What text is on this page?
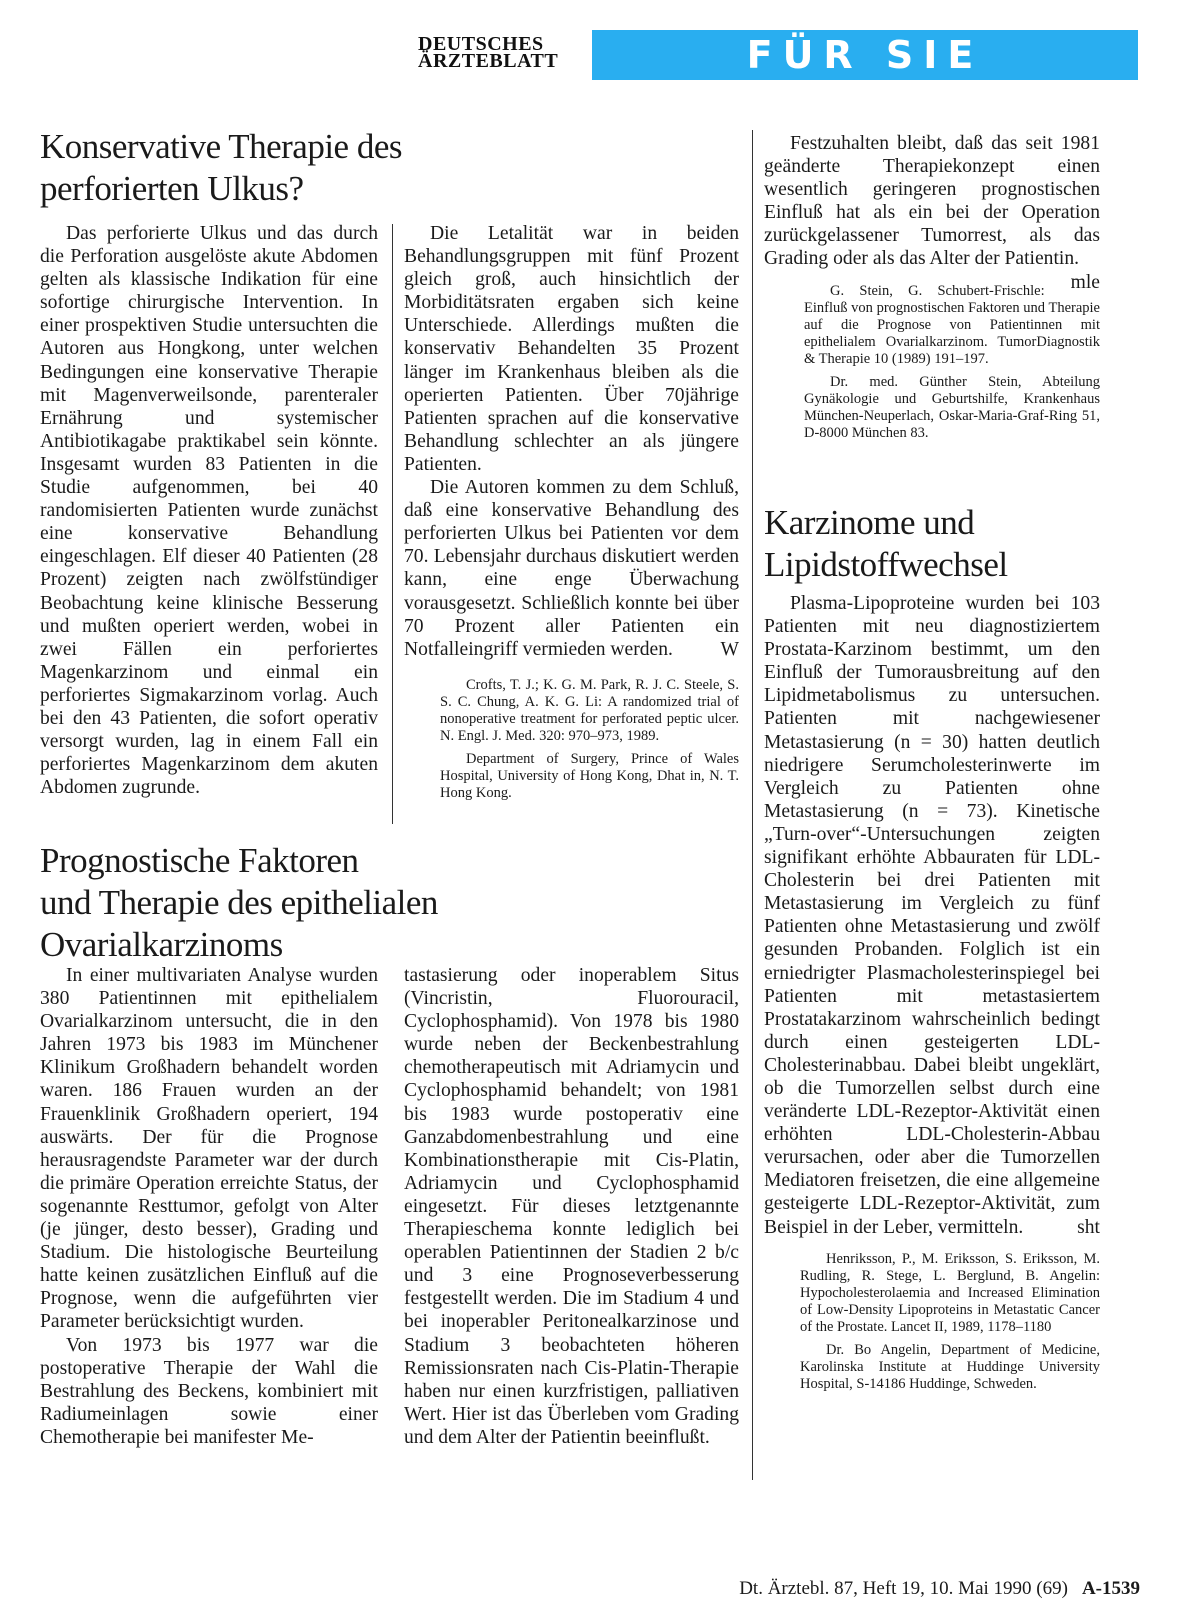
DEUTSCHES
ÄRZTEBLATT	FÜR SIE REFERIERT
Konservative Therapie des
perforierten Ulkus?

Das perforierte Ulkus und das durch die Perforation ausgelöste akute Abdomen gelten als klassische Indikation für eine sofortige chirurgische Intervention. In einer prospektiven Studie untersuchten die Autoren aus Hongkong, unter welchen Bedingungen eine konservative Therapie mit Magenverweilsonde, parenteraler Ernährung und systemischer Antibiotikagabe praktikabel sein könnte. Insgesamt wurden 83 Patienten in die Studie aufgenommen, bei 40 randomisierten Patienten wurde zunächst eine konservative Behandlung eingeschlagen. Elf dieser 40 Patienten (28 Prozent) zeigten nach zwölfstündiger Beobachtung keine klinische Besserung und mußten operiert werden, wobei in zwei Fällen ein perforiertes Magenkarzinom und einmal ein perforiertes Sigmakarzinom vorlag. Auch bei den 43 Patienten, die sofort operativ versorgt wurden, lag in einem Fall ein perforiertes Magenkarzinom dem akuten Abdomen zugrunde.

Die Letalität war in beiden Behandlungsgruppen mit fünf Prozent gleich groß, auch hinsichtlich der Morbiditätsraten ergaben sich keine Unterschiede. Allerdings mußten die konservativ Behandelten 35 Prozent länger im Krankenhaus bleiben als die operierten Patienten. Über 70jährige Patienten sprachen auf die konservative Behandlung schlechter an als jüngere Patienten.

Die Autoren kommen zu dem Schluß, daß eine konservative Behandlung des perforierten Ulkus bei Patienten vor dem 70. Lebensjahr durchaus diskutiert werden kann, eine enge Überwachung vorausgesetzt. Schließlich konnte bei über 70 Prozent aller Patienten ein Notfalleingriff vermieden werden.	W

Crofts, T. J.; K. G. M. Park, R. J. C. Steele, S. S. C. Chung, A. K. G. Li: A randomized trial of nonoperative treatment for perforated peptic ulcer. N. Engl. J. Med. 320: 970–973, 1989.

Department of Surgery, Prince of Wales Hospital, University of Hong Kong, Dhat in, N. T. Hong Kong.

Prognostische Faktoren
und Therapie des epithelialen
Ovarialkarzinoms

In einer multivariaten Analyse wurden 380 Patientinnen mit epithelialem Ovarialkarzinom untersucht, die in den Jahren 1973 bis 1983 im Münchener Klinikum Großhadern behandelt worden waren. 186 Frauen wurden an der Frauenklinik Großhadern operiert, 194 auswärts. Der für die Prognose herausragendste Parameter war der durch die primäre Operation erreichte Status, der sogenannte Resttumor, gefolgt von Alter (je jünger, desto besser), Grading und Stadium. Die histologische Beurteilung hatte keinen zusätzlichen Einfluß auf die Prognose, wenn die aufgeführten vier Parameter berücksichtigt wurden.

Von 1973 bis 1977 war die postoperative Therapie der Wahl die Bestrahlung des Beckens, kombiniert mit Radiumeinlagen sowie einer Chemotherapie bei manifester Me-

tastasierung oder inoperablem Situs (Vincristin, Fluorouracil, Cyclophosphamid). Von 1978 bis 1980 wurde neben der Beckenbestrahlung chemotherapeutisch mit Adriamycin und Cyclophosphamid behandelt; von 1981 bis 1983 wurde postoperativ eine Ganzabdomenbestrahlung und eine Kombinationstherapie mit Cis-Platin, Adriamycin und Cyclophosphamid eingesetzt. Für dieses letztgenannte Therapieschema konnte lediglich bei operablen Patientinnen der Stadien 2 b/c und 3 eine Prognoseverbesserung festgestellt werden. Die im Stadium 4 und bei inoperabler Peritonealkarzinose und Stadium 3 beobachteten höheren Remissionsraten nach Cis-Platin-Therapie haben nur einen kurzfristigen, palliativen Wert. Hier ist das Überleben vom Grading und dem Alter der Patientin beeinflußt.

Festzuhalten bleibt, daß das seit 1981 geänderte Therapiekonzept einen wesentlich geringeren prognostischen Einfluß hat als ein bei der Operation zurückgelassener Tumorrest, als das Grading oder als das Alter der Patientin.
mle

G. Stein, G. Schubert-Frischle: Einfluß von prognostischen Faktoren und Therapie auf die Prognose von Patientinnen mit epithelialem Ovarialkarzinom. TumorDiagnostik & Therapie 10 (1989) 191–197.

Dr. med. Günther Stein, Abteilung Gynäkologie und Geburtshilfe, Krankenhaus München-Neuperlach, Oskar-Maria-Graf-Ring 51, D-8000 München 83.

Karzinome und
Lipidstoffwechsel

Plasma-Lipoproteine wurden bei 103 Patienten mit neu diagnostiziertem Prostata-Karzinom bestimmt, um den Einfluß der Tumorausbreitung auf den Lipidmetabolismus zu untersuchen. Patienten mit nachgewiesener Metastasierung (n = 30) hatten deutlich niedrigere Serumcholesterinwerte im Vergleich zu Patienten ohne Metastasierung (n = 73). Kinetische „Turn-over“-Untersuchungen zeigten signifikant erhöhte Abbauraten für LDL-Cholesterin bei drei Patienten mit Metastasierung im Vergleich zu fünf Patienten ohne Metastasierung und zwölf gesunden Probanden. Folglich ist ein erniedrigter Plasmacholesterinspiegel bei Patienten mit metastasiertem Prostatakarzinom wahrscheinlich bedingt durch einen gesteigerten LDL-Cholesterinabbau. Dabei bleibt ungeklärt, ob die Tumorzellen selbst durch eine veränderte LDL-Rezeptor-Aktivität einen erhöhten LDL-Cholesterin-Abbau verursachen, oder aber die Tumorzellen Mediatoren freisetzen, die eine allgemeine gesteigerte LDL-Rezeptor-Aktivität, zum Beispiel in der Leber, vermitteln.	sht

Henriksson, P., M. Eriksson, S. Eriksson, M. Rudling, R. Stege, L. Berglund, B. Angelin: Hypocholesterolaemia and Increased Elimination of Low-Density Lipoproteins in Metastatic Cancer of the Prostate. Lancet II, 1989, 1178–1180

Dr. Bo Angelin, Department of Medicine, Karolinska Institute at Huddinge University Hospital, S-14186 Huddinge, Schweden.

Dt. Ärztebl. 87, Heft 19, 10. Mai 1990 (69) A-1539
